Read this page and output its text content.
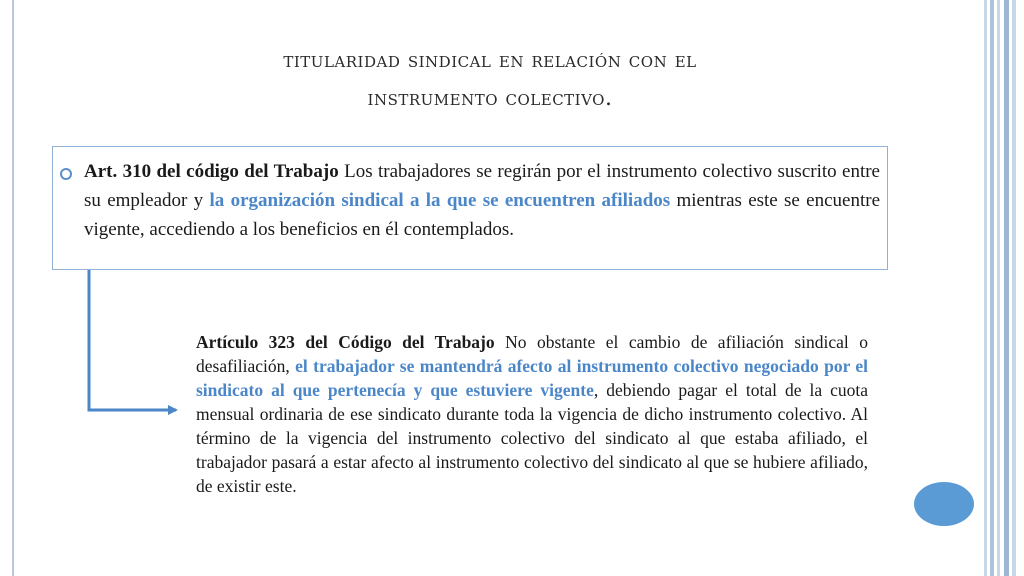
titularidad sindical en relación con el
instrumento colectivo.
Art. 310 del código del Trabajo Los trabajadores se regirán por el instrumento colectivo suscrito entre su empleador y la organización sindical a la que se encuentren afiliados mientras este se encuentre vigente, accediendo a los beneficios en él contemplados.
Artículo 323 del Código del Trabajo No obstante el cambio de afiliación sindical o desafiliación, el trabajador se mantendrá afecto al instrumento colectivo negociado por el sindicato al que pertenecía y que estuviere vigente, debiendo pagar el total de la cuota mensual ordinaria de ese sindicato durante toda la vigencia de dicho instrumento colectivo. Al término de la vigencia del instrumento colectivo del sindicato al que estaba afiliado, el trabajador pasará a estar afecto al instrumento colectivo del sindicato al que se hubiere afiliado, de existir este.
